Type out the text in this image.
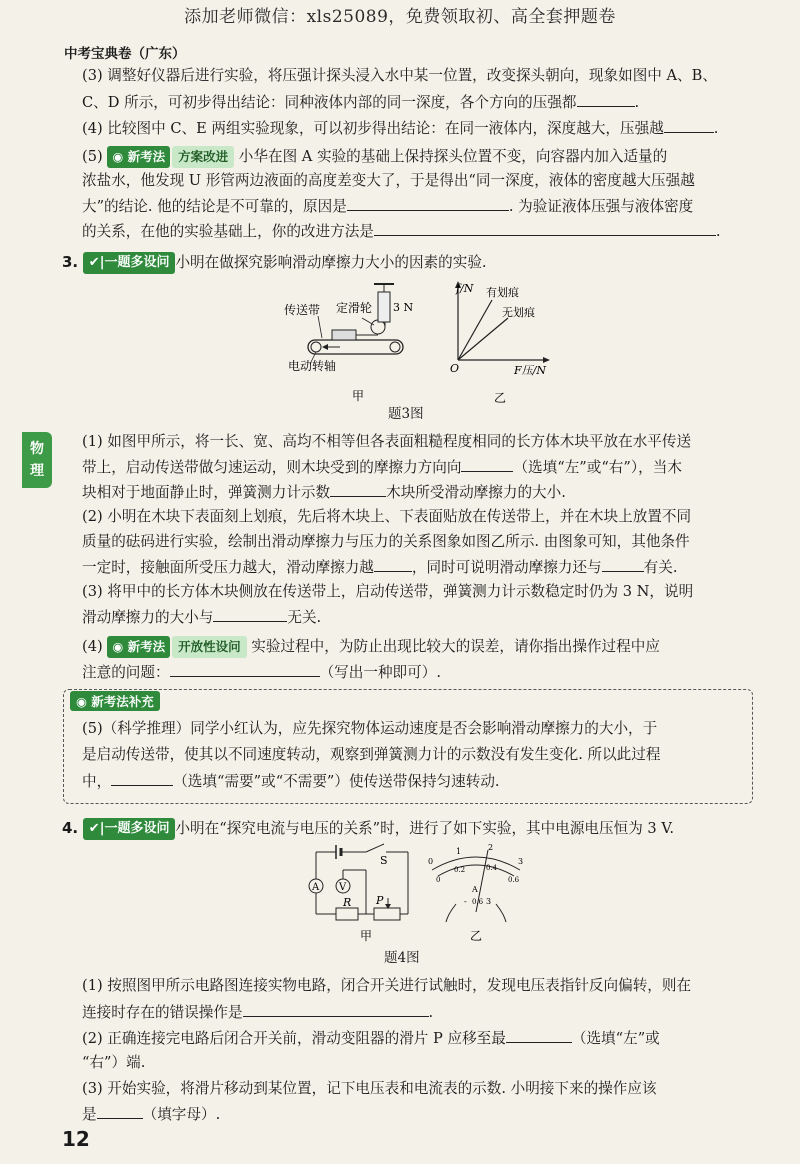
添加老师微信：xls25089，免费领取初、高全套押题卷
中考宝典卷（广东）
(3) 调整好仪器后进行实验，将压强计探头浸入水中某一位置，改变探头朝向，现象如图中 A、B、
C、D 所示，可初步得出结论：同种液体内部的同一深度，各个方向的压强都	.
(4) 比较图中 C、E 两组实验现象，可以初步得出结论：在同一液体内，深度越大，压强越	.
(5) ◉ 新考法 方案改进 小华在图 A 实验的基础上保持探头位置不变，向容器内加入适量的
浓盐水，他发现 U 形管两边液面的高度差变大了，于是得出“同一深度，液体的密度越大压强越
大”的结论. 他的结论是不可靠的，原因是	. 为验证液体压强与液体密度
的关系，在他的实验基础上，你的改进方法是	.
3. ✔|一题多设问 小明在做探究影响滑动摩擦力大小的因素的实验.
传送带 定滑轮 3 N
电动转轴
甲
f/N 有划痕
无划痕
O	F压/N
乙
题3图
物
理
(1) 如图甲所示，将一长、宽、高均不相等但各表面粗糙程度相同的长方体木块平放在水平传送
带上，启动传送带做匀速运动，则木块受到的摩擦力方向向	（选填“左”或“右”），当木
块相对于地面静止时，弹簧测力计示数	木块所受滑动摩擦力的大小.
(2) 小明在木块下表面刻上划痕，先后将木块上、下表面贴放在传送带上，并在木块上放置不同
质量的砝码进行实验，绘制出滑动摩擦力与压力的关系图象如图乙所示. 由图象可知，其他条件
一定时，接触面所受压力越大，滑动摩擦力越	，同时可说明滑动摩擦力还与	有关.
(3) 将甲中的长方体木块侧放在传送带上，启动传送带，弹簧测力计示数稳定时仍为 3 N，说明
滑动摩擦力的大小与	无关.
(4) ◉ 新考法 开放性设问 实验过程中，为防止出现比较大的误差，请你指出操作过程中应
注意的问题：	（写出一种即可）.
◉ 新考法补充
(5)（科学推理）同学小红认为，应先探究物体运动速度是否会影响滑动摩擦力的大小，于
是启动传送带，使其以不同速度转动，观察到弹簧测力计的示数没有发生变化. 所以此过程
中，	（选填“需要”或“不需要”）使传送带保持匀速转动.
4. ✔|一题多设问 小明在“探究电流与电压的关系”时，进行了如下实验，其中电源电压恒为 3 V.
S
A V
R P
甲
0
1	2
3
0
0.2	0.4
0.6
A
- 0.6 3
乙
题4图
(1) 按照图甲所示电路图连接实物电路，闭合开关进行试触时，发现电压表指针反向偏转，则在
连接时存在的错误操作是	.
(2) 正确连接完电路后闭合开关前，滑动变阻器的滑片 P 应移至最	（选填“左”或
“右”）端.
(3) 开始实验，将滑片移动到某位置，记下电压表和电流表的示数. 小明接下来的操作应该
是	（填字母）.
12
